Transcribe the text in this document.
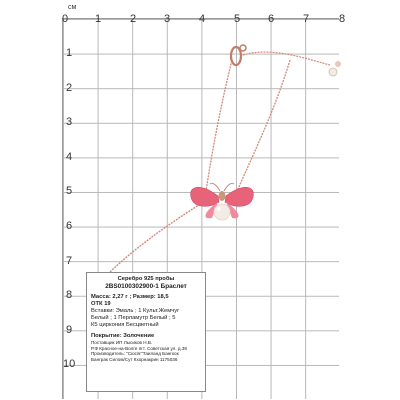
см
0 1	2	3	4	5	6	7	8
1
2
3
4
5
6
7
8
9
10
Серебро 925 пробы
2BS0100302900-1 Браслет
Масса: 2,27 г ; Размер: 18,5
ОТК 19
Вставки: Эмаль ; 1 Культ.Жемчуг
Белый ; 1 Перламутр Белый ; 5
К5 циркония Бесцветный
Покрытие: Золочение
Поставщик ИП Лысиков Н.В.
Р.Ф Красное-на-Волге пгт. Советская ул. д.39
Производитель: "Сюсяг"Таиланд Бангкок
Банграк Силом/Сут Кхорнакрин 1175036
